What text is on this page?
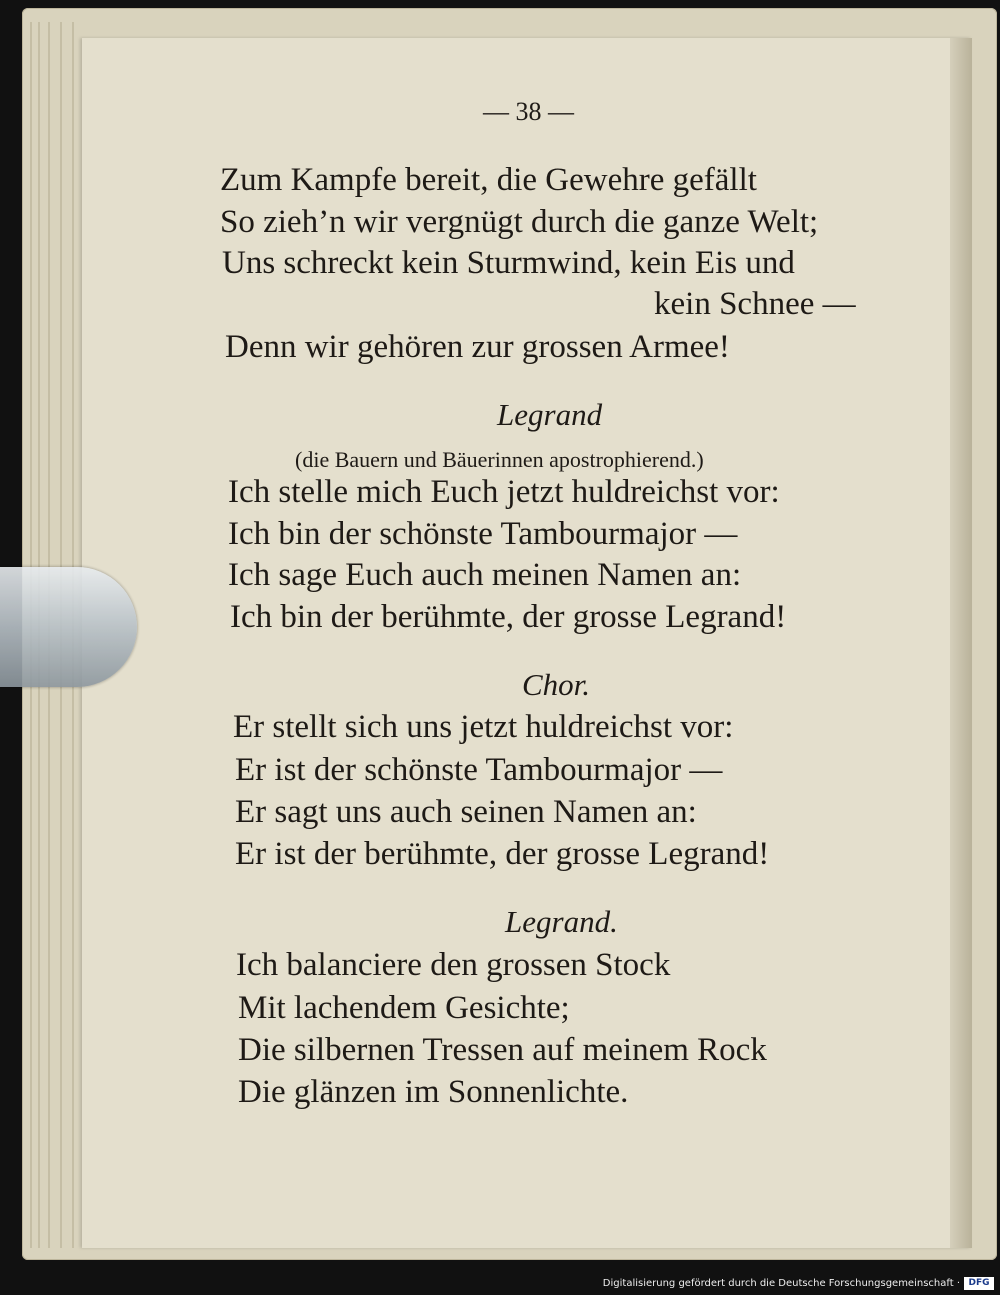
— 38 —

Zum Kampfe bereit, die Gewehre gefällt

So zieh’n wir vergnügt durch die ganze Welt;

Uns schreckt kein Sturmwind, kein Eis und

kein Schnee —

Denn wir gehören zur grossen Armee!

Legrand

(die Bauern und Bäuerinnen apostrophierend.)

Ich stelle mich Euch jetzt huldreichst vor:

Ich bin der schönste Tambourmajor —

Ich sage Euch auch meinen Namen an:

Ich bin der berühmte, der grosse Legrand!

Chor.

Er stellt sich uns jetzt huldreichst vor:

Er ist der schönste Tambourmajor —

Er sagt uns auch seinen Namen an:

Er ist der berühmte, der grosse Legrand!

Legrand.

Ich balanciere den grossen Stock

Mit lachendem Gesichte;

Die silbernen Tressen auf meinem Rock

Die glänzen im Sonnenlichte.

Digitalisierung gefördert durch die Deutsche Forschungsgemeinschaft · DFG
